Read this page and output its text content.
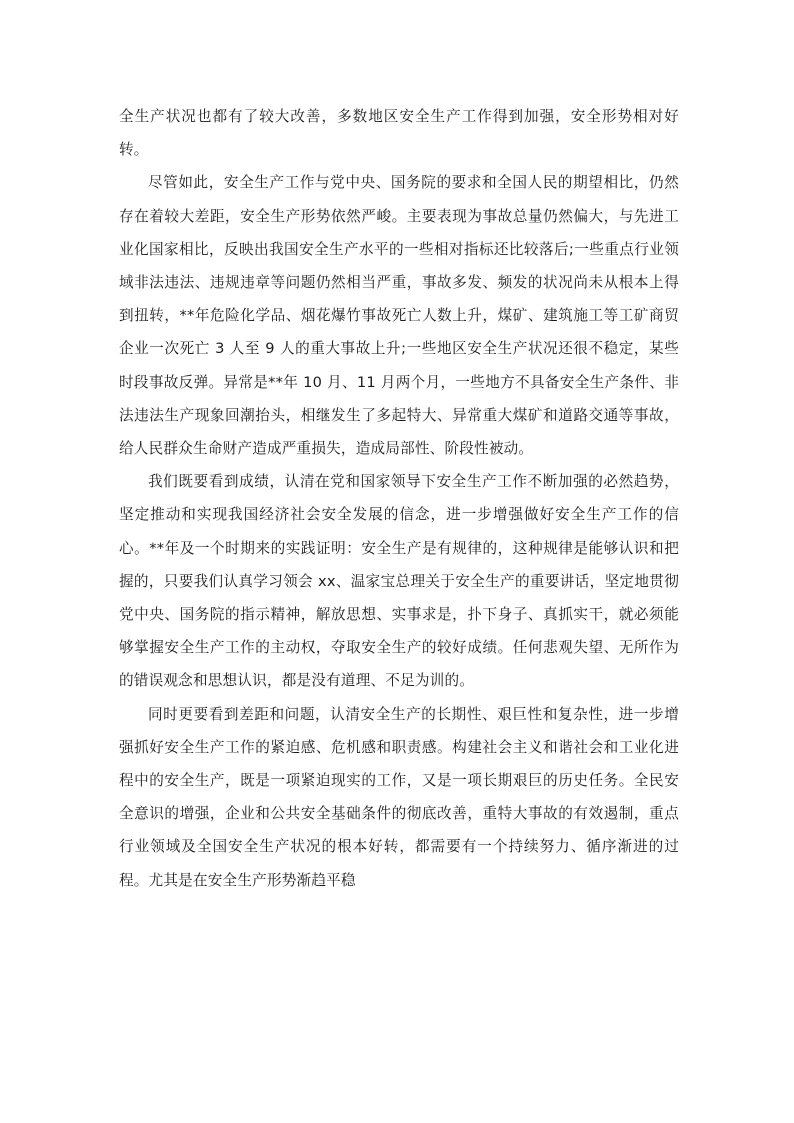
全生产状况也都有了较大改善，多数地区安全生产工作得到加强，安全形势相对好转。

尽管如此，安全生产工作与党中央、国务院的要求和全国人民的期望相比，仍然存在着较大差距，安全生产形势依然严峻。主要表现为事故总量仍然偏大，与先进工业化国家相比，反映出我国安全生产水平的一些相对指标还比较落后;一些重点行业领域非法违法、违规违章等问题仍然相当严重，事故多发、频发的状况尚未从根本上得到扭转，**年危险化学品、烟花爆竹事故死亡人数上升，煤矿、建筑施工等工矿商贸企业一次死亡 3 人至 9 人的重大事故上升;一些地区安全生产状况还很不稳定，某些时段事故反弹。异常是**年 10 月、11 月两个月，一些地方不具备安全生产条件、非法违法生产现象回潮抬头，相继发生了多起特大、异常重大煤矿和道路交通等事故，给人民群众生命财产造成严重损失，造成局部性、阶段性被动。

我们既要看到成绩，认清在党和国家领导下安全生产工作不断加强的必然趋势，坚定推动和实现我国经济社会安全发展的信念，进一步增强做好安全生产工作的信心。**年及一个时期来的实践证明：安全生产是有规律的，这种规律是能够认识和把握的，只要我们认真学习领会 xx、温家宝总理关于安全生产的重要讲话，坚定地贯彻党中央、国务院的指示精神，解放思想、实事求是，扑下身子、真抓实干，就必须能够掌握安全生产工作的主动权，夺取安全生产的较好成绩。任何悲观失望、无所作为的错误观念和思想认识，都是没有道理、不足为训的。

同时更要看到差距和问题，认清安全生产的长期性、艰巨性和复杂性，进一步增强抓好安全生产工作的紧迫感、危机感和职责感。构建社会主义和谐社会和工业化进程中的安全生产，既是一项紧迫现实的工作，又是一项长期艰巨的历史任务。全民安全意识的增强，企业和公共安全基础条件的彻底改善，重特大事故的有效遏制，重点行业领域及全国安全生产状况的根本好转，都需要有一个持续努力、循序渐进的过程。尤其是在安全生产形势渐趋平稳
